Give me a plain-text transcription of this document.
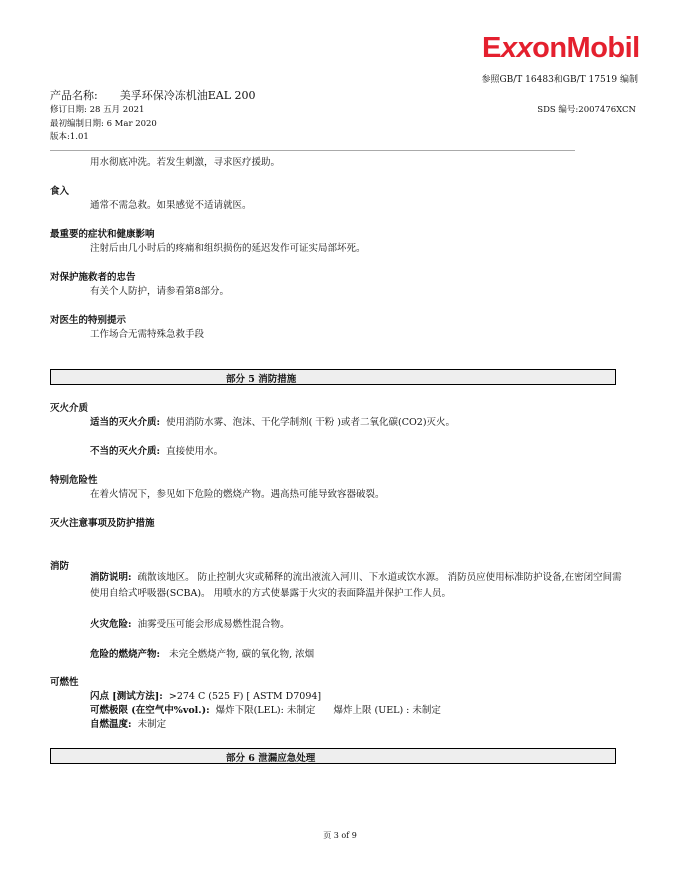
ExxonMobil
参照GB/T 16483和GB/T 17519 编制
产品名称: 美孚环保冷冻机油EAL 200
修订日期: 28 五月 2021
最初编制日期: 6 Mar 2020
版本:1.01
SDS 编号:2007476XCN
用水彻底冲洗。若发生刺激，寻求医疗援助。
食入
通常不需急救。如果感觉不适请就医。
最重要的症状和健康影响
注射后由几小时后的疼痛和组织损伤的延迟发作可证实局部坏死。
对保护施救者的忠告
有关个人防护，请参看第8部分。
对医生的特别提示
工作场合无需特殊急救手段
部分 5 消防措施
灭火介质
适当的灭火介质: 使用消防水雾、泡沫、干化学制剂( 干粉 )或者二氧化碳(CO2)灭火。
不当的灭火介质: 直接使用水。
特别危险性
在着火情况下，参见如下危险的燃烧产物。遇高热可能导致容器破裂。
灭火注意事项及防护措施
消防
消防说明: 疏散该地区。 防止控制火灾或稀释的流出液流入河川、下水道或饮水源。 消防员应使用标准防护设备,在密闭空间需使用自给式呼吸器(SCBA)。 用喷水的方式使暴露于火灾的表面降温并保护工作人员。
火灾危险: 油雾受压可能会形成易燃性混合物。
危险的燃烧产物: 未完全燃烧产物, 碳的氧化物, 浓烟
可燃性
闪点 [测试方法]: >274 C (525 F) [ ASTM D7094]
可燃极限 (在空气中%vol.): 爆炸下限(LEL): 未制定 爆炸上限 (UEL) : 未制定
自燃温度: 未制定
部分 6 泄漏应急处理
页 3 of 9
